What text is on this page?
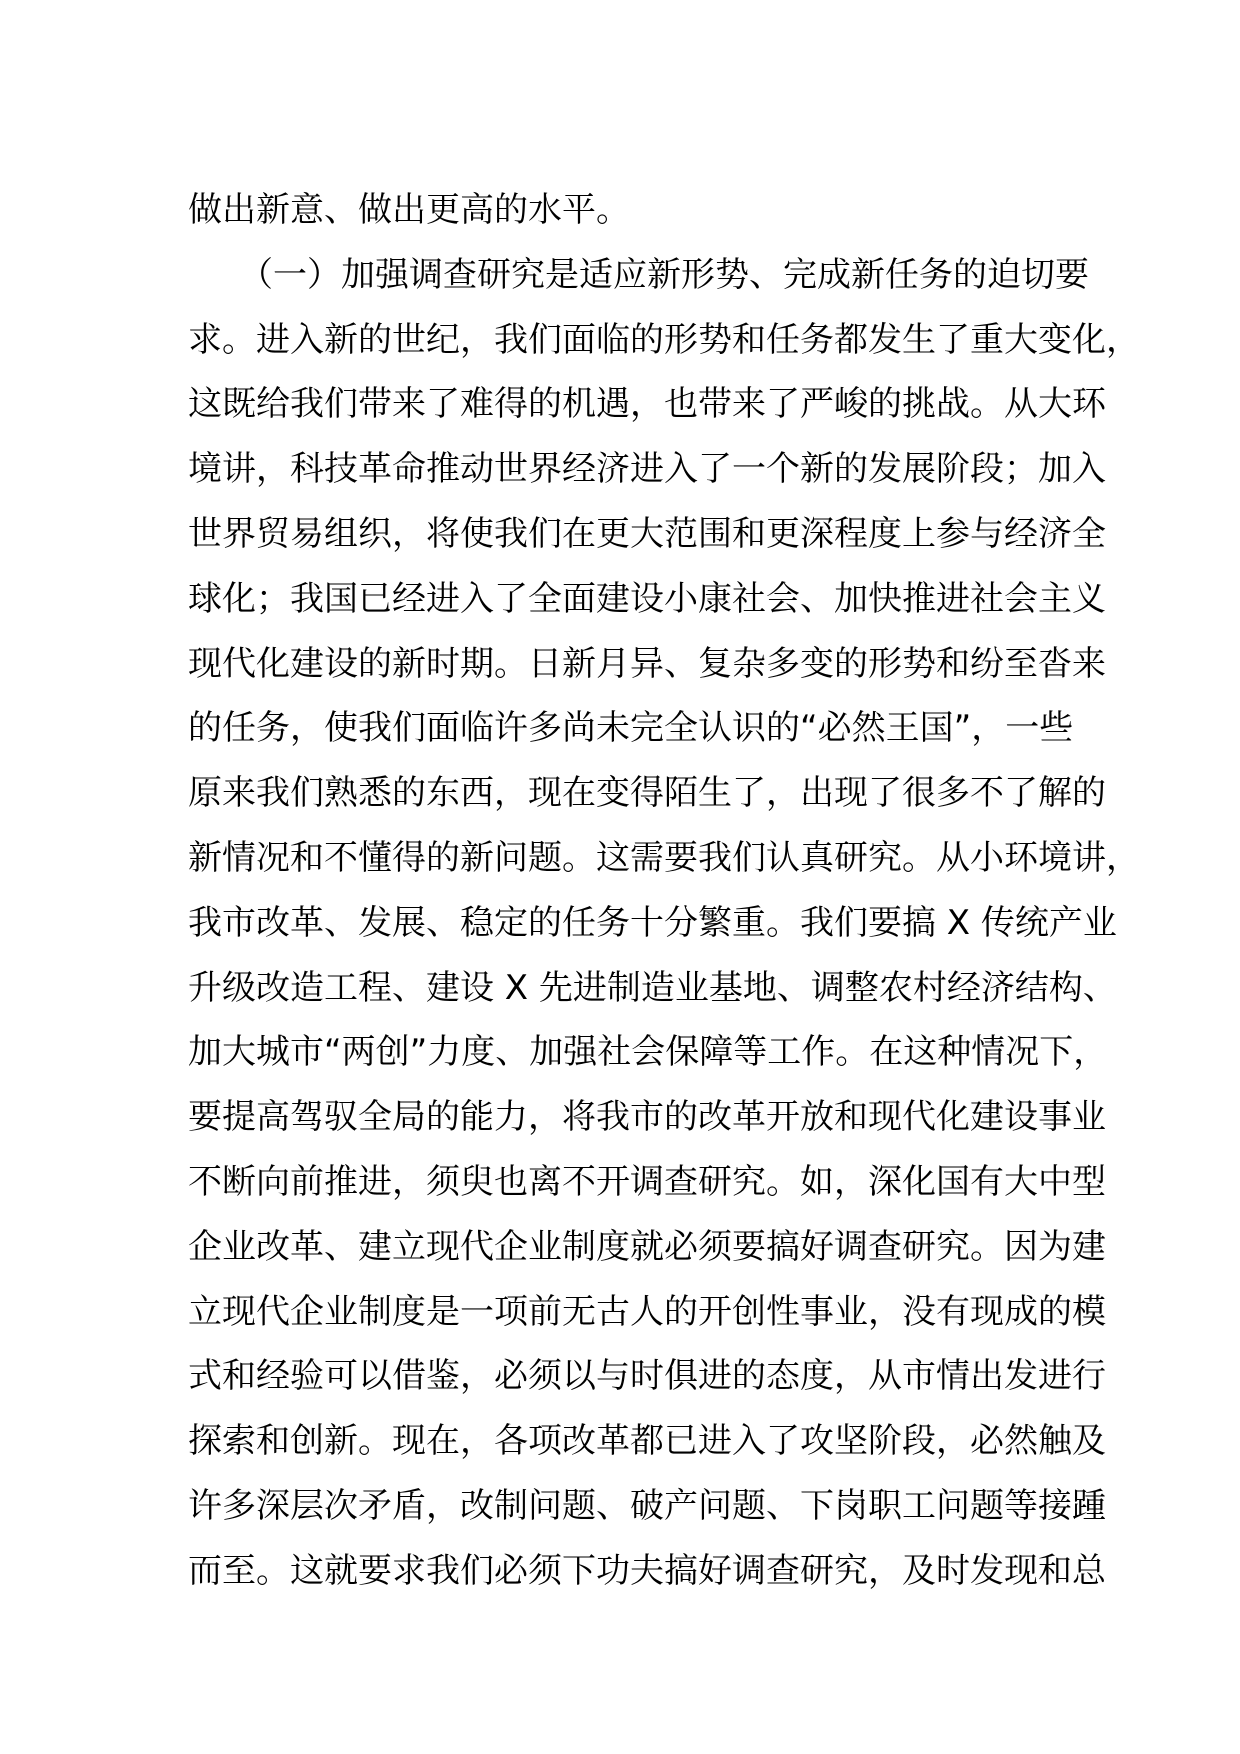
做出新意、做出更高的水平。
　　（一）加强调查研究是适应新形势、完成新任务的迫切要
求。进入新的世纪，我们面临的形势和任务都发生了重大变化，
这既给我们带来了难得的机遇，也带来了严峻的挑战。从大环
境讲，科技革命推动世界经济进入了一个新的发展阶段；加入
世界贸易组织，将使我们在更大范围和更深程度上参与经济全
球化；我国已经进入了全面建设小康社会、加快推进社会主义
现代化建设的新时期。日新月异、复杂多变的形势和纷至沓来
的任务，使我们面临许多尚未完全认识的“必然王国”，一些
原来我们熟悉的东西，现在变得陌生了，出现了很多不了解的
新情况和不懂得的新问题。这需要我们认真研究。从小环境讲，
我市改革、发展、稳定的任务十分繁重。我们要搞 X 传统产业
升级改造工程、建设 X 先进制造业基地、调整农村经济结构、
加大城市“两创”力度、加强社会保障等工作。在这种情况下，
要提高驾驭全局的能力，将我市的改革开放和现代化建设事业
不断向前推进，须臾也离不开调查研究。如，深化国有大中型
企业改革、建立现代企业制度就必须要搞好调查研究。因为建
立现代企业制度是一项前无古人的开创性事业，没有现成的模
式和经验可以借鉴，必须以与时俱进的态度，从市情出发进行
探索和创新。现在，各项改革都已进入了攻坚阶段，必然触及
许多深层次矛盾，改制问题、破产问题、下岗职工问题等接踵
而至。这就要求我们必须下功夫搞好调查研究，及时发现和总
